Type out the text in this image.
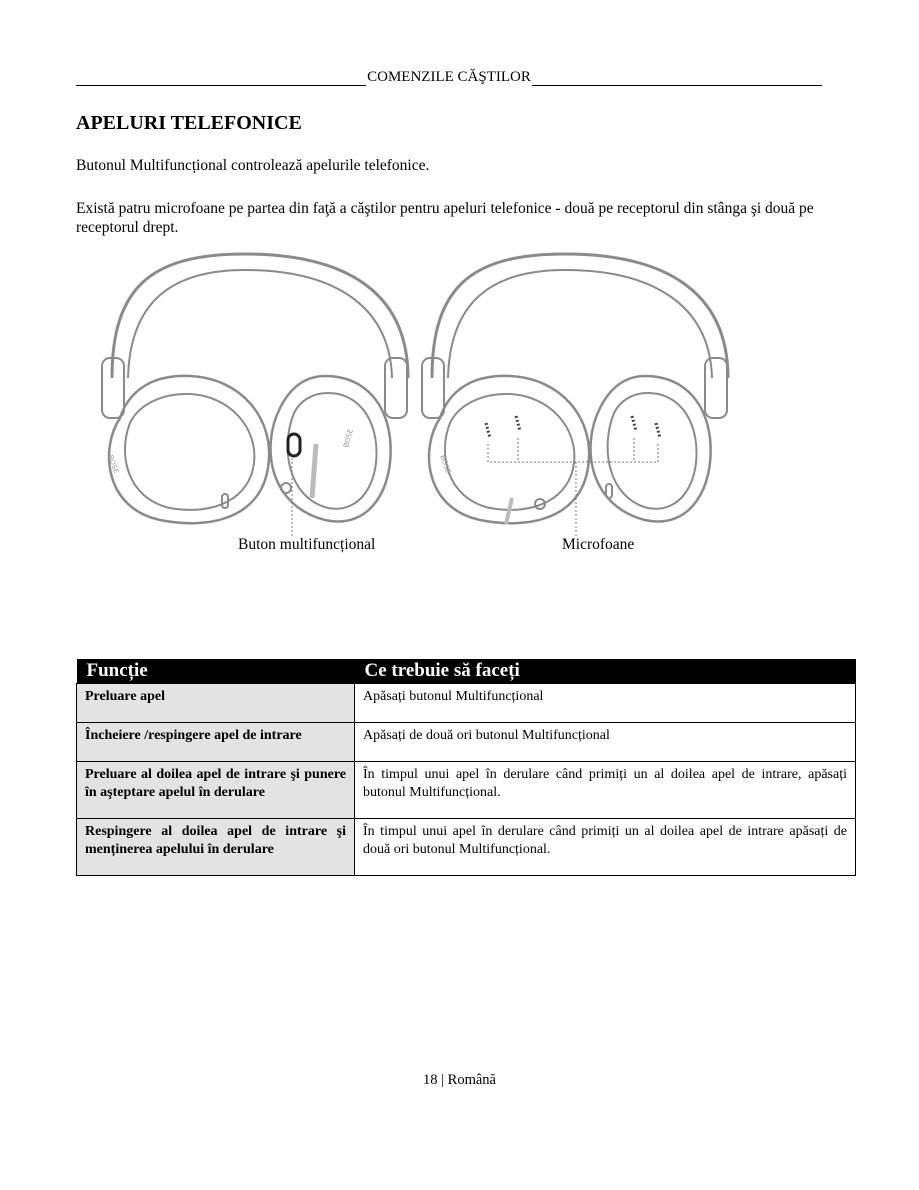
COMENZILE CĂŞTILOR
APELURI TELEFONICE

Butonul Multifuncțional controlează apelurile telefonice.

Există patru microfoane pe partea din faţă a căştilor pentru apeluri telefonice - două pe receptorul din stânga şi două pe receptorul drept.

BOSE
BOSE	BOSE
Buton multifuncțional	Microfoane
Funcție	Ce trebuie să faceți
Preluare apel	Apăsați butonul Multifuncțional
Încheiere /respingere apel de intrare	Apăsați de două ori butonul Multifuncțional
Preluare al doilea apel de intrare şi punere în aşteptare apelul în derulare	În timpul unui apel în derulare când primiți un al doilea apel de intrare, apăsați butonul Multifuncțional.
Respingere al doilea apel de intrare şi menținerea apelului în derulare	În timpul unui apel în derulare când primiți un al doilea apel de intrare apăsați de două ori butonul Multifuncțional.
18 | Română
